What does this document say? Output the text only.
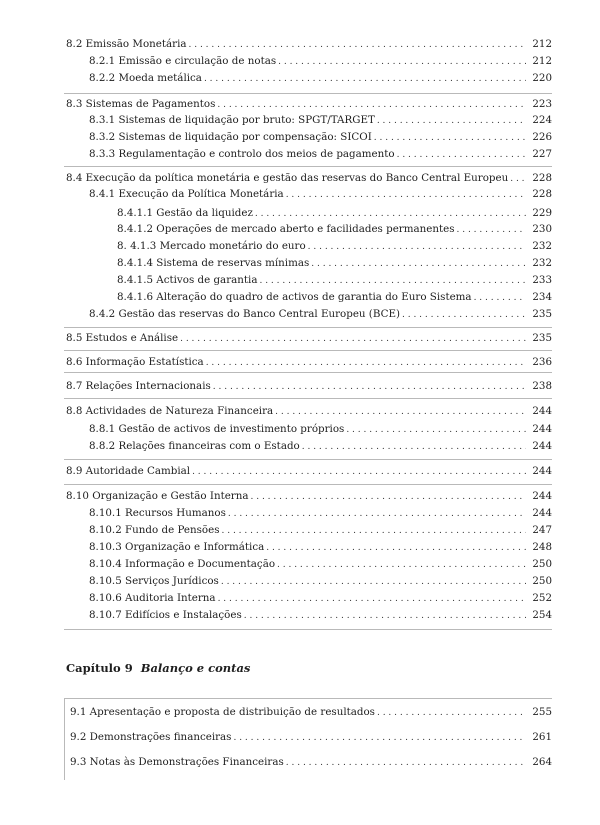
8.2 Emissão Monetária . . .	212
8.2.1 Emissão e circulação de notas . . .	212
8.2.2 Moeda metálica . . .	220
8.3 Sistemas de Pagamentos . . .	223
8.3.1 Sistemas de liquidação por bruto: SPGT/TARGET . . .	224
8.3.2 Sistemas de liquidação por compensação: SICOI . . .	226
8.3.3 Regulamentação e controlo dos meios de pagamento . . .	227
8.4 Execução da política monetária e gestão das reservas do Banco Central Europeu . . .	228
8.4.1 Execução da Política Monetária . . .	228
8.4.1.1 Gestão da liquidez . . .	229
8.4.1.2 Operações de mercado aberto e facilidades permanentes . . .	230
8. 4.1.3 Mercado monetário do euro . . .	232
8.4.1.4 Sistema de reservas mínimas . . .	232
8.4.1.5 Activos de garantia . . .	233
8.4.1.6 Alteração do quadro de activos de garantia do Euro Sistema . . .	234
8.4.2 Gestão das reservas do Banco Central Europeu (BCE) . . .	235
8.5 Estudos e Análise . . .	235
8.6 Informação Estatística . . .	236
8.7 Relações Internacionais . . .	238
8.8 Actividades de Natureza Financeira . . .	244
8.8.1 Gestão de activos de investimento próprios . . .	244
8.8.2 Relações financeiras com o Estado . . .	244
8.9 Autoridade Cambial . . .	244
8.10 Organização e Gestão Interna . . .	244
8.10.1 Recursos Humanos . . .	244
8.10.2 Fundo de Pensões . . .	247
8.10.3 Organização e Informática . . .	248
8.10.4 Informação e Documentação . . .	250
8.10.5 Serviços Jurídicos . . .	250
8.10.6 Auditoria Interna . . .	252
8.10.7 Edifícios e Instalações . . .	254
Capítulo 9 Balanço e contas
9.1 Apresentação e proposta de distribuição de resultados . . .	255
9.2 Demonstrações financeiras . . .	261
9.3 Notas às Demonstrações Financeiras . . .	264
